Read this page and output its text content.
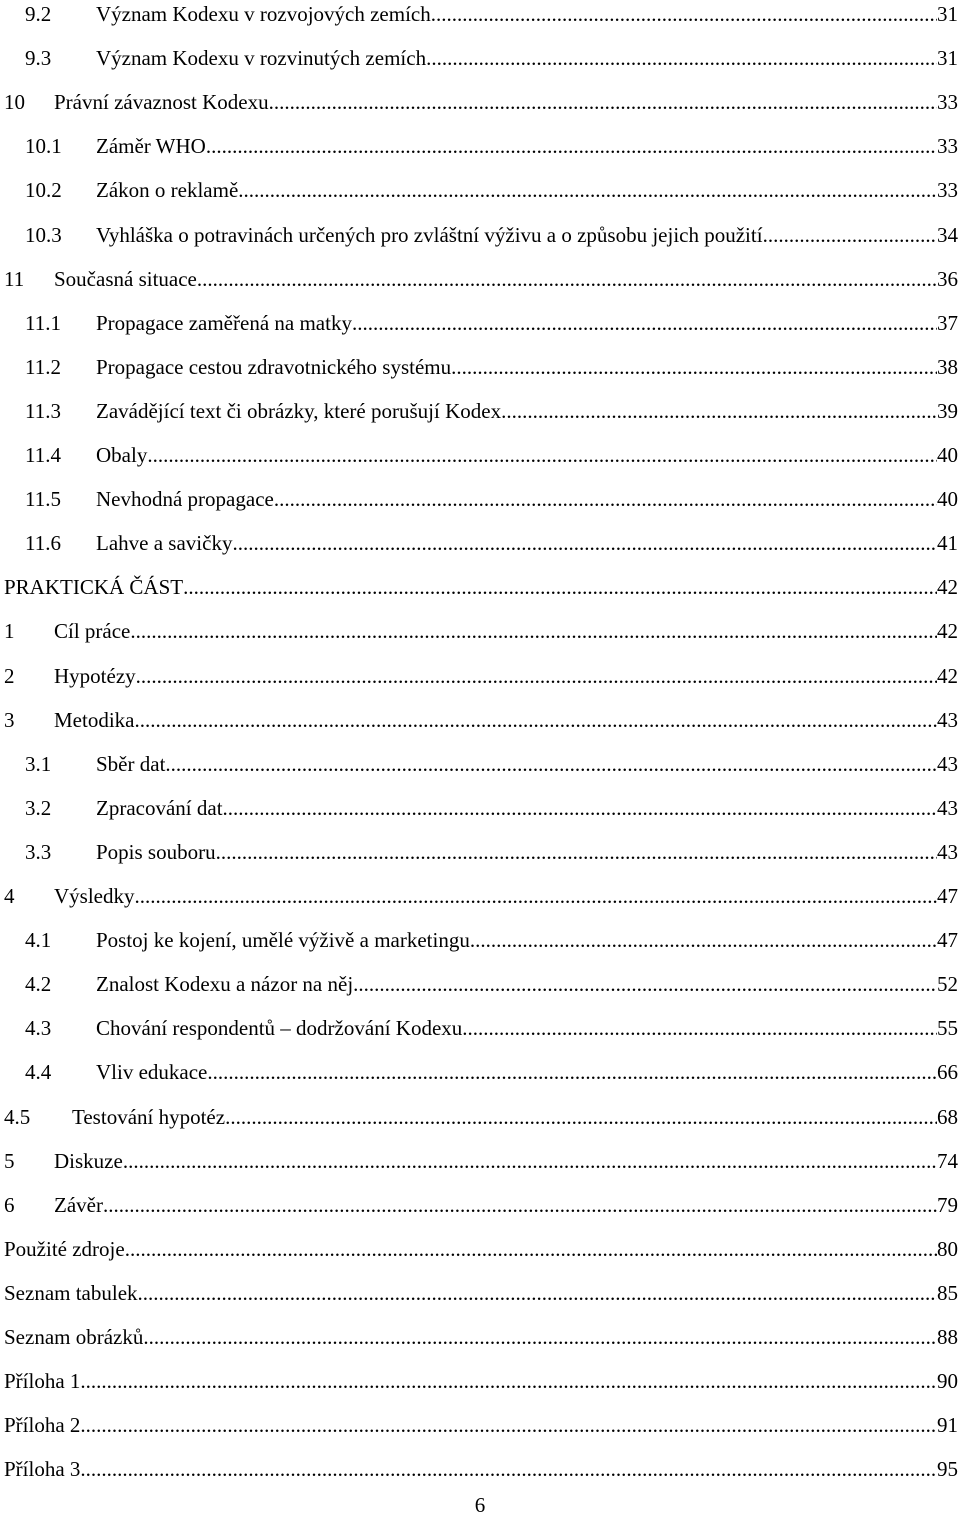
9.2 Význam Kodexu v rozvojových zemích .....	31
9.3 Význam Kodexu v rozvinutých zemích .....	31
10 Právní závaznost Kodexu. .....	33
10.1 Záměr WHO .....	33
10.2 Zákon o reklamě .....	33
10.3 Vyhláška o potravinách určených pro zvláštní výživu a o způsobu jejich použití .....	34
11 Současná situace .....	36
11.1 Propagace zaměřená na matky .....	37
11.2 Propagace cestou zdravotnického systému .....	38
11.3 Zavádějící text či obrázky, které porušují Kodex .....	39
11.4 Obaly .....	40
11.5 Nevhodná propagace .....	40
11.6 Lahve a savičky .....	41
PRAKTICKÁ ČÁST .....	42
1 Cíl práce .....	42
2 Hypotézy .....	42
3 Metodika .....	43
3.1 Sběr dat .....	43
3.2 Zpracování dat .....	43
3.3 Popis souboru .....	43
4 Výsledky .....	47
4.1 Postoj ke kojení, umělé výživě a marketingu .....	47
4.2 Znalost Kodexu a názor na něj .....	52
4.3 Chování respondentů – dodržování Kodexu .....	55
4.4 Vliv edukace .....	66
4.5 Testování hypotéz .....	68
5 Diskuze .....	74
6 Závěr .....	79
Použité zdroje .....	80
Seznam tabulek .....	85
Seznam obrázků .....	88
Příloha 1 .....	90
Příloha 2 .....	91
Příloha 3 .....	95
6
